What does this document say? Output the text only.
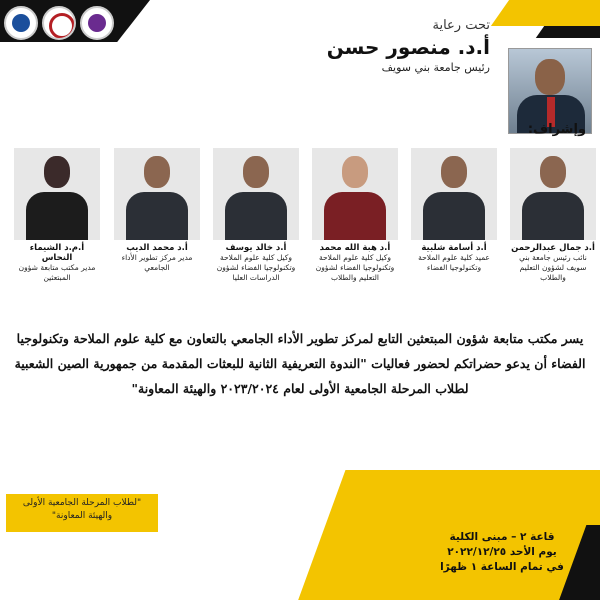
تحت رعاية
أ.د. منصور حسن
رئيس جامعة بني سويف
وإشراف:
أ.د جمال عبدالرحمن
نائب رئيس جامعة بني سويف لشؤون التعليم والطلاب
أ.د أسامة شلبية
عميد كلية علوم الملاحة وتكنولوجيا الفضاء
أ.د هبة الله محمد
وكيل كلية علوم الملاحة وتكنولوجيا الفضاء لشؤون التعليم والطلاب
أ.د خالد يوسف
وكيل كلية علوم الملاحة وتكنولوجيا الفضاء لشؤون الدراسات العليا
أ.د محمد الديب
مدير مركز تطوير الأداء الجامعي
أ.م.د الشيماء النحاس
مدير مكتب متابعة شؤون المبتعثين
يسر مكتب متابعة شؤون المبتعثين التابع لمركز تطوير الأداء الجامعي بالتعاون مع كلية علوم الملاحة وتكنولوجيا الفضاء أن يدعو حضراتكم لحضور فعاليات "الندوة التعريفية الثانية للبعثات المقدمة من جمهورية الصين الشعبية لطلاب المرحلة الجامعية الأولى لعام ٢٠٢٣/٢٠٢٤ والهيئة المعاونة"
"لطلاب المرحلة الجامعية الأولى
والهيئة المعاونة"
قاعة ٢ – مبنى الكلية
يوم الأحد ٢٠٢٢/١٢/٢٥
في تمام الساعة ١ ظهرًا
